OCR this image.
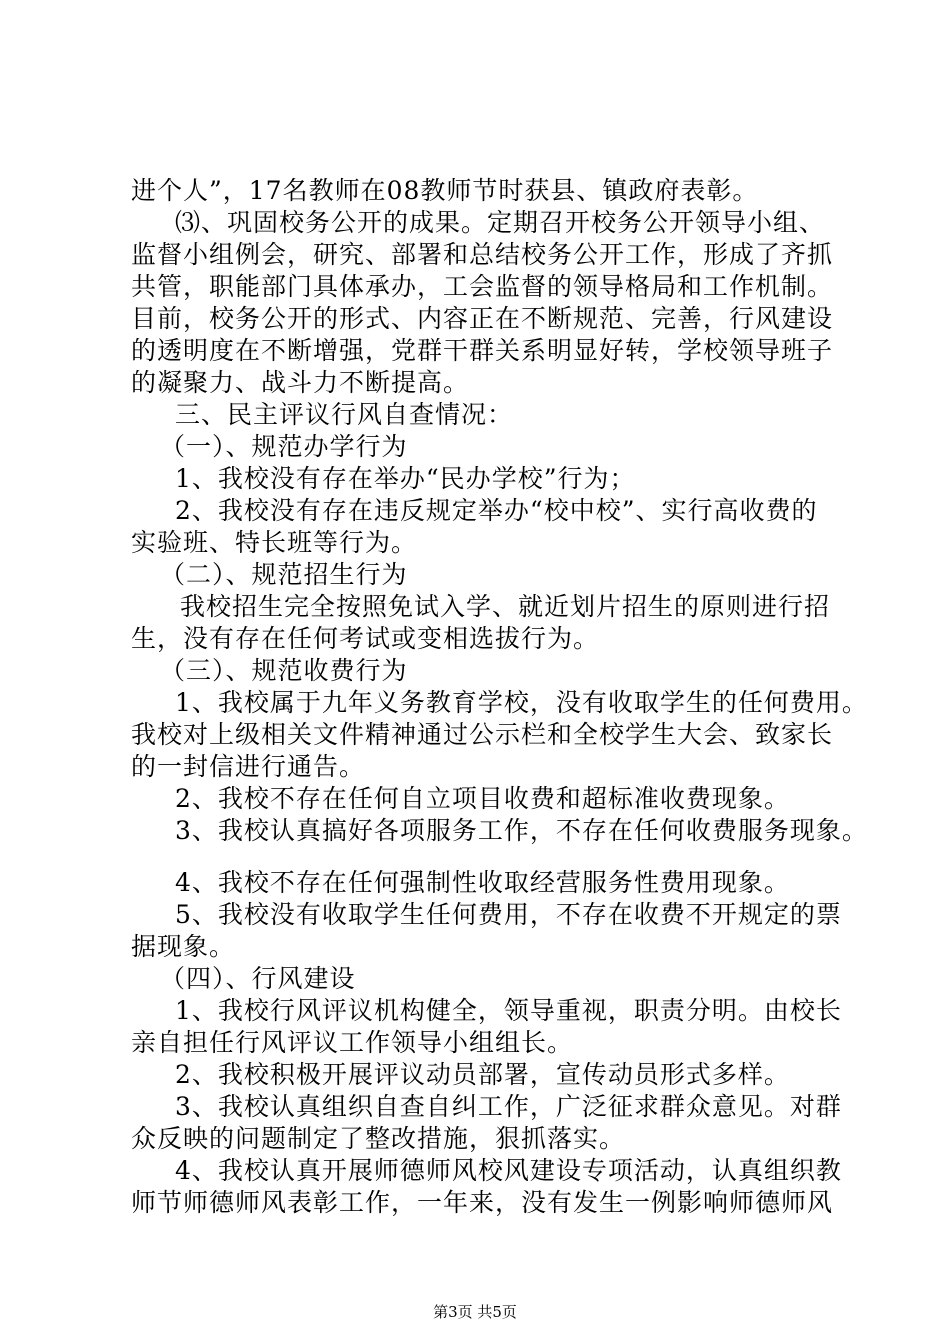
进个人”，17名教师在08教师节时获县、镇政府表彰。

⑶、巩固校务公开的成果。定期召开校务公开领导小组、

监督小组例会，研究、部署和总结校务公开工作，形成了齐抓

共管，职能部门具体承办，工会监督的领导格局和工作机制。

目前，校务公开的形式、内容正在不断规范、完善，行风建设

的透明度在不断增强，党群干群关系明显好转，学校领导班子

的凝聚力、战斗力不断提高。

三、民主评议行风自查情况：

（一）、规范办学行为

1、我校没有存在举办“民办学校”行为；

2、我校没有存在违反规定举办“校中校”、实行高收费的

实验班、特长班等行为。

（二）、规范招生行为

我校招生完全按照免试入学、就近划片招生的原则进行招

生，没有存在任何考试或变相选拔行为。

（三）、规范收费行为

1、我校属于九年义务教育学校，没有收取学生的任何费用。

我校对上级相关文件精神通过公示栏和全校学生大会、致家长

的一封信进行通告。

2、我校不存在任何自立项目收费和超标准收费现象。

3、我校认真搞好各项服务工作，不存在任何收费服务现象。

4、我校不存在任何强制性收取经营服务性费用现象。

5、我校没有收取学生任何费用，不存在收费不开规定的票

据现象。

（四）、行风建设

1、我校行风评议机构健全，领导重视，职责分明。由校长

亲自担任行风评议工作领导小组组长。

2、我校积极开展评议动员部署，宣传动员形式多样。

3、我校认真组织自查自纠工作，广泛征求群众意见。对群

众反映的问题制定了整改措施，狠抓落实。

4、我校认真开展师德师风校风建设专项活动，认真组织教

师节师德师风表彰工作，一年来，没有发生一例影响师德师风

第3页 共5页
